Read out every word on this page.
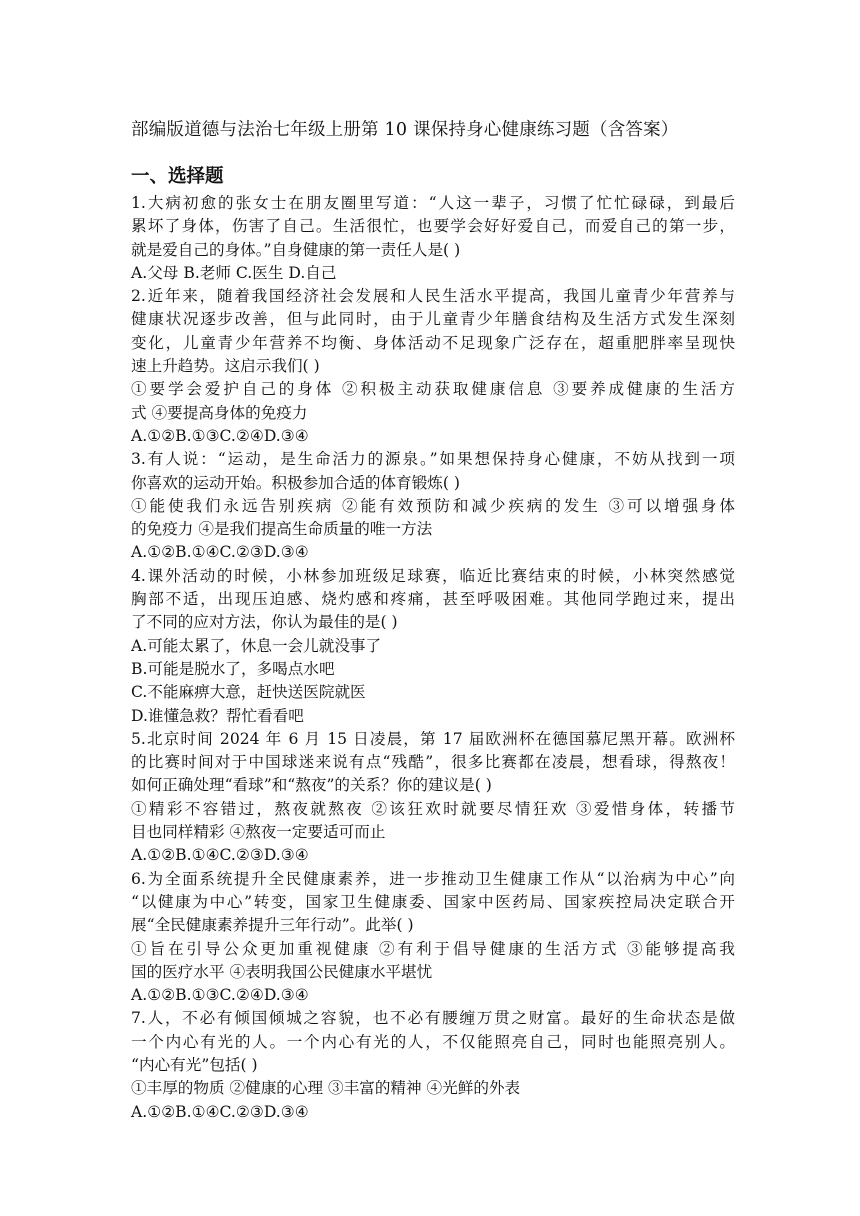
部编版道德与法治七年级上册第 10 课保持身心健康练习题（含答案）
一、选择题
1.大病初愈的张女士在朋友圈里写道：“人这一辈子，习惯了忙忙碌碌，到最后
累坏了身体，伤害了自己。生活很忙，也要学会好好爱自己，而爱自己的第一步，
就是爱自己的身体。”自身健康的第一责任人是( )
A.父母 B.老师 C.医生 D.自己
2.近年来，随着我国经济社会发展和人民生活水平提高，我国儿童青少年营养与
健康状况逐步改善，但与此同时，由于儿童青少年膳食结构及生活方式发生深刻
变化，儿童青少年营养不均衡、身体活动不足现象广泛存在，超重肥胖率呈现快
速上升趋势。这启示我们( )
①要学会爱护自己的身体 ②积极主动获取健康信息 ③要养成健康的生活方
式 ④要提高身体的免疫力
A.①②B.①③C.②④D.③④
3.有人说：“运动，是生命活力的源泉。”如果想保持身心健康，不妨从找到一项
你喜欢的运动开始。积极参加合适的体育锻炼( )
①能使我们永远告别疾病 ②能有效预防和减少疾病的发生 ③可以增强身体
的免疫力 ④是我们提高生命质量的唯一方法
A.①②B.①④C.②③D.③④
4.课外活动的时候，小林参加班级足球赛，临近比赛结束的时候，小林突然感觉
胸部不适，出现压迫感、烧灼感和疼痛，甚至呼吸困难。其他同学跑过来，提出
了不同的应对方法，你认为最佳的是( )
A.可能太累了，休息一会儿就没事了
B.可能是脱水了，多喝点水吧
C.不能麻痹大意，赶快送医院就医
D.谁懂急救？帮忙看看吧
5.北京时间 2024 年 6 月 15 日凌晨，第 17 届欧洲杯在德国慕尼黑开幕。欧洲杯
的比赛时间对于中国球迷来说有点“残酷”，很多比赛都在凌晨，想看球，得熬夜！
如何正确处理“看球”和“熬夜”的关系？你的建议是( )
①精彩不容错过，熬夜就熬夜 ②该狂欢时就要尽情狂欢 ③爱惜身体，转播节
目也同样精彩 ④熬夜一定要适可而止
A.①②B.①④C.②③D.③④
6.为全面系统提升全民健康素养，进一步推动卫生健康工作从“以治病为中心”向
“以健康为中心”转变，国家卫生健康委、国家中医药局、国家疾控局决定联合开
展“全民健康素养提升三年行动”。此举( )
①旨在引导公众更加重视健康 ②有利于倡导健康的生活方式 ③能够提高我
国的医疗水平 ④表明我国公民健康水平堪忧
A.①②B.①③C.②④D.③④
7.人，不必有倾国倾城之容貌，也不必有腰缠万贯之财富。最好的生命状态是做
一个内心有光的人。一个内心有光的人，不仅能照亮自己，同时也能照亮别人。
“内心有光”包括( )
①丰厚的物质 ②健康的心理 ③丰富的精神 ④光鲜的外表
A.①②B.①④C.②③D.③④
